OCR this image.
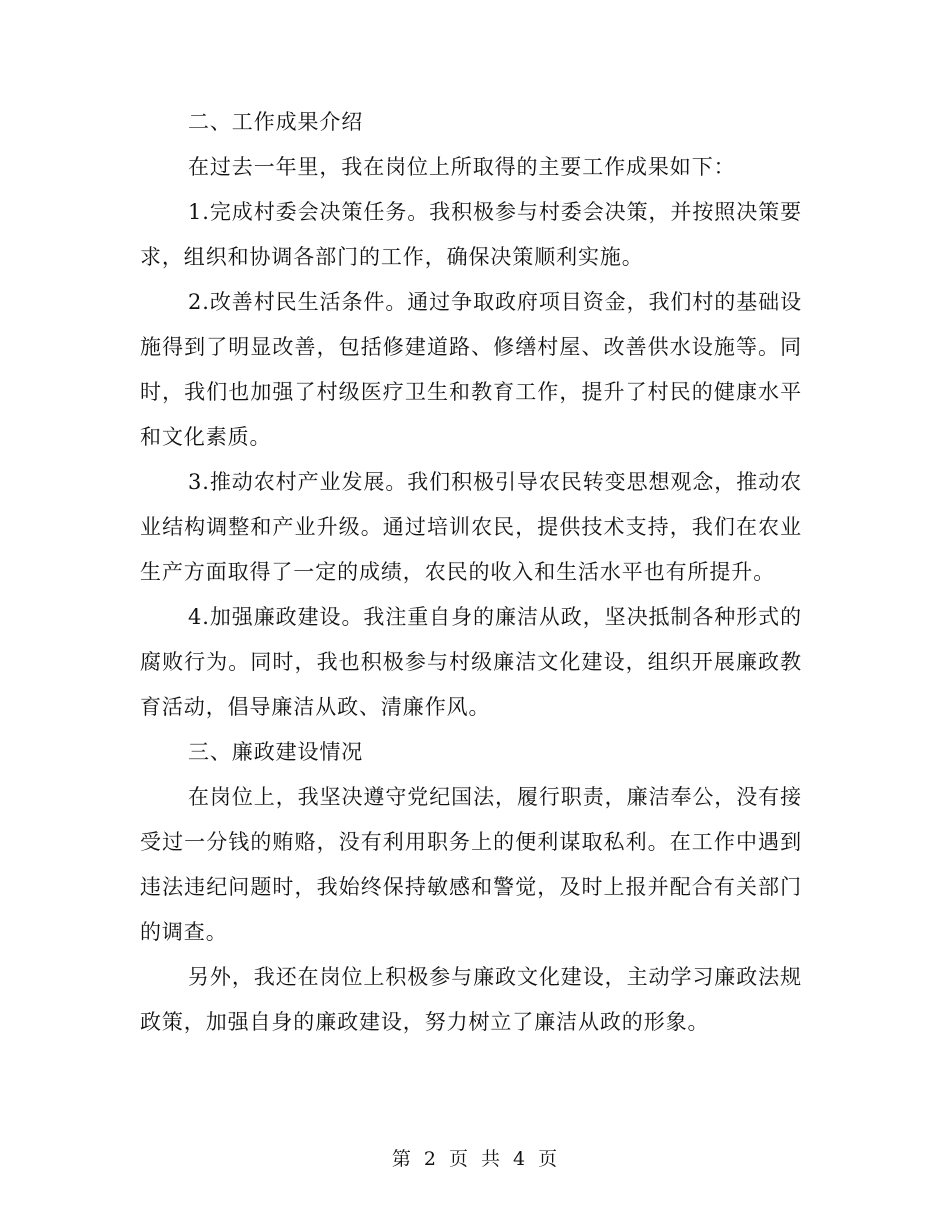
二、工作成果介绍

在过去一年里，我在岗位上所取得的主要工作成果如下：

1.完成村委会决策任务。我积极参与村委会决策，并按照决策要求，组织和协调各部门的工作，确保决策顺利实施。

2.改善村民生活条件。通过争取政府项目资金，我们村的基础设施得到了明显改善，包括修建道路、修缮村屋、改善供水设施等。同时，我们也加强了村级医疗卫生和教育工作，提升了村民的健康水平和文化素质。

3.推动农村产业发展。我们积极引导农民转变思想观念，推动农业结构调整和产业升级。通过培训农民，提供技术支持，我们在农业生产方面取得了一定的成绩，农民的收入和生活水平也有所提升。

4.加强廉政建设。我注重自身的廉洁从政，坚决抵制各种形式的腐败行为。同时，我也积极参与村级廉洁文化建设，组织开展廉政教育活动，倡导廉洁从政、清廉作风。

三、廉政建设情况

在岗位上，我坚决遵守党纪国法，履行职责，廉洁奉公，没有接受过一分钱的贿赂，没有利用职务上的便利谋取私利。在工作中遇到违法违纪问题时，我始终保持敏感和警觉，及时上报并配合有关部门的调查。

另外，我还在岗位上积极参与廉政文化建设，主动学习廉政法规政策，加强自身的廉政建设，努力树立了廉洁从政的形象。

第 2 页 共 4 页
